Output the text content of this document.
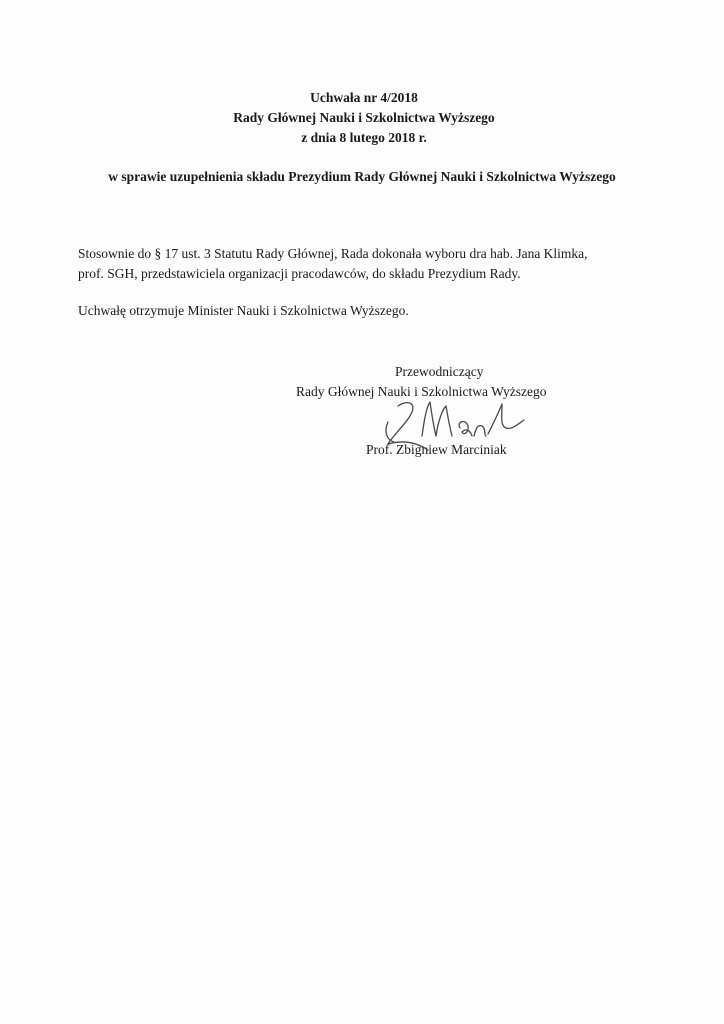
Uchwała nr 4/2018
Rady Głównej Nauki i Szkolnictwa Wyższego
z dnia 8 lutego 2018 r.
w sprawie uzupełnienia składu Prezydium Rady Głównej Nauki i Szkolnictwa Wyższego
Stosownie do § 17 ust. 3 Statutu Rady Głównej, Rada dokonała wyboru dra hab. Jana Klimka,
prof. SGH, przedstawiciela organizacji pracodawców, do składu Prezydium Rady.
Uchwałę otrzymuje Minister Nauki i Szkolnictwa Wyższego.
Przewodniczący
Rady Głównej Nauki i Szkolnictwa Wyższego
Prof. Zbigniew Marciniak
